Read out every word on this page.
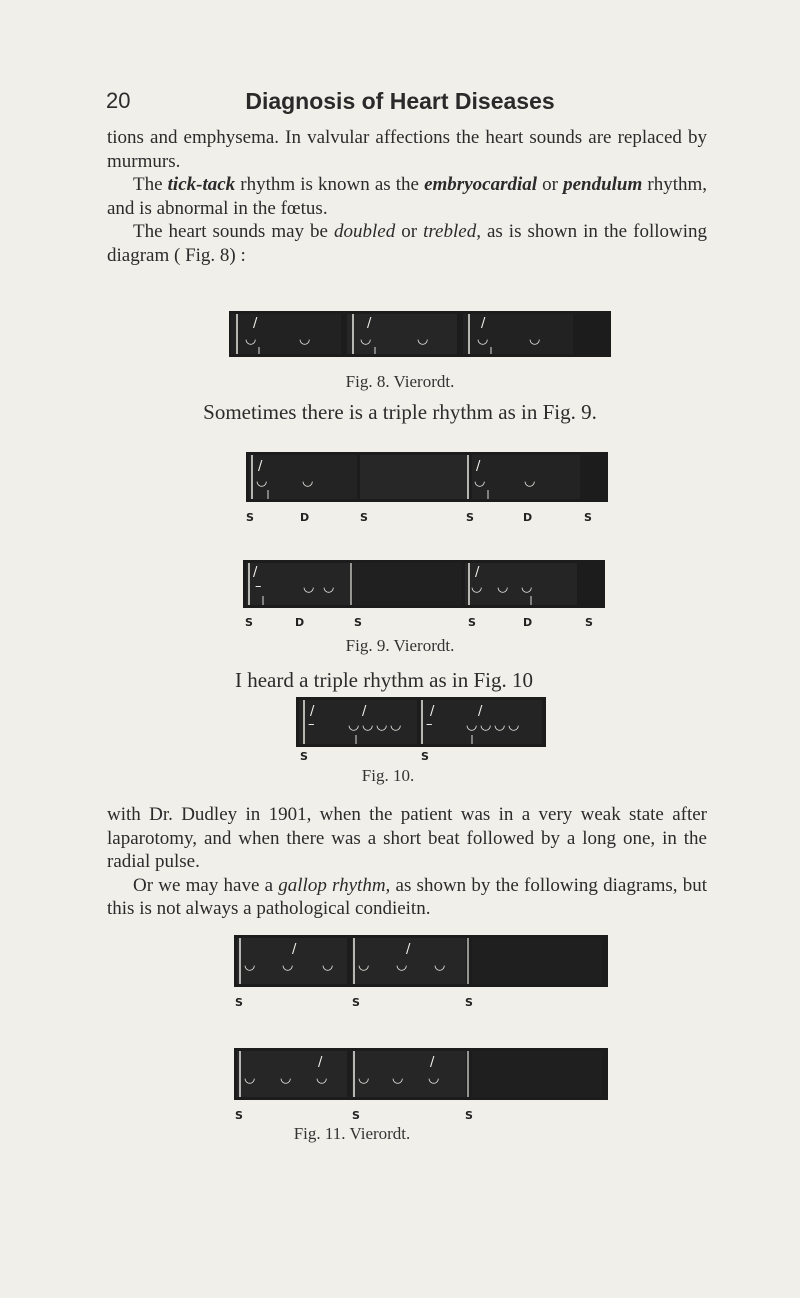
20	Diagnosis of Heart Diseases

tions and emphysema. In valvular affections the heart sounds are replaced by murmurs.

The tick-tack rhythm is known as the embryocardial or pendulum rhythm, and is abnormal in the fœtus.

The heart sounds may be doubled or trebled, as is shown in the following diagram ( Fig. 8) :

/	/	/
◡	◡	◡	◡	◡	◡
Fig. 8. Vierordt.
Sometimes there is a triple rhythm as in Fig. 9.
/	/
◡	◡	◡	◡
S	D	S	S	D	S
/	/
–	◡ ◡	◡ ◡ ◡
S	D	S	S	D	S
Fig. 9. Vierordt.
I heard a triple rhythm as in Fig. 10
/	/	/	/
–	–
◡ ◡ ◡ ◡	◡ ◡ ◡ ◡
S	S
Fig. 10.

with Dr. Dudley in 1901, when the patient was in a very weak state after laparotomy, and when there was a short beat followed by a long one, in the radial pulse.

Or we may have a gallop rhythm, as shown by the following diagrams, but this is not always a pathological condieitn.

/	/
◡ ◡ ◡ ◡ ◡ ◡
S	S	S
/	/
◡ ◡ ◡ ◡ ◡ ◡
S	S	S
Fig. 11. Vierordt.
